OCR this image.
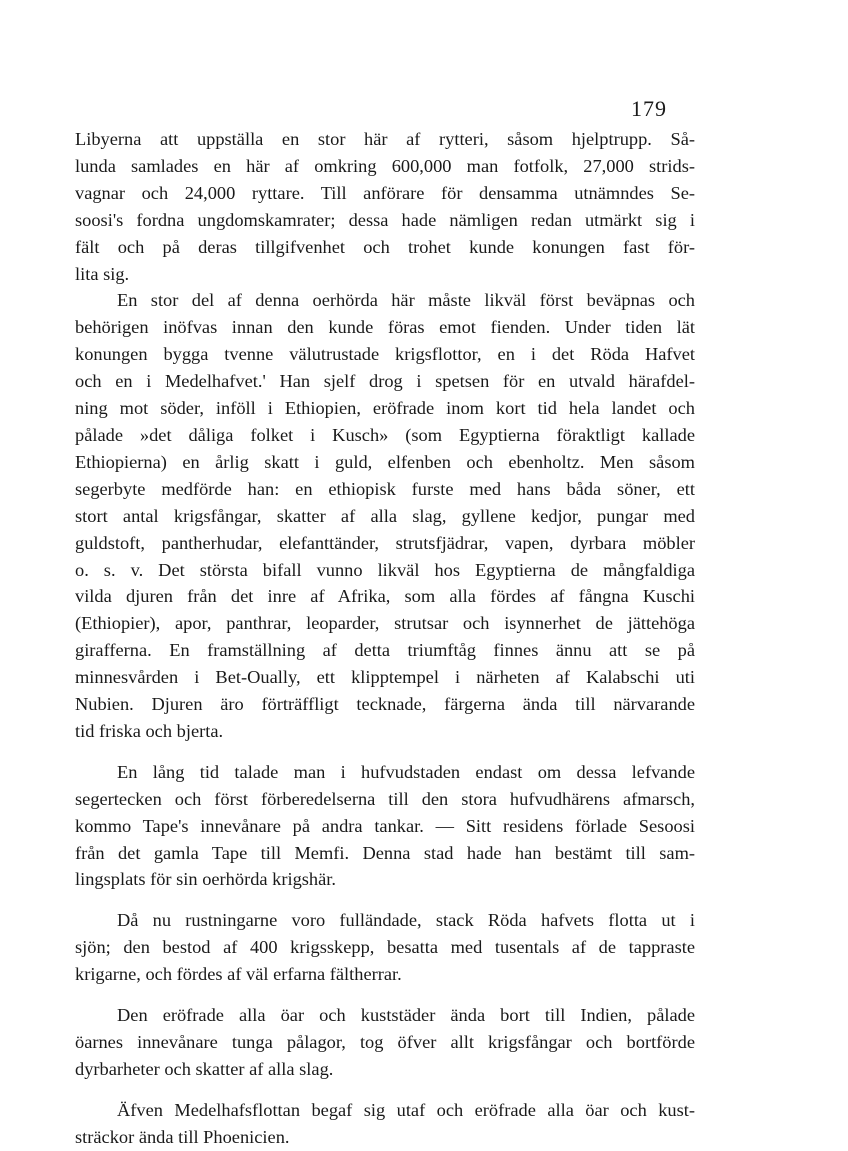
179
Libyerna att uppställa en stor här af rytteri, såsom hjelptrupp. Så-
lunda samlades en här af omkring 600,000 man fotfolk, 27,000 strids-
vagnar och 24,000 ryttare. Till anförare för densamma utnämndes Se-
soosi's fordna ungdomskamrater; dessa hade nämligen redan utmärkt sig i
fält och på deras tillgifvenhet och trohet kunde konungen fast för-
lita sig.
En stor del af denna oerhörda här måste likväl först beväpnas och
behörigen inöfvas innan den kunde föras emot fienden. Under tiden lät
konungen bygga tvenne välutrustade krigsflottor, en i det Röda Hafvet
och en i Medelhafvet.' Han sjelf drog i spetsen för en utvald härafdel-
ning mot söder, inföll i Ethiopien, eröfrade inom kort tid hela landet och
pålade »det dåliga folket i Kusch» (som Egyptierna föraktligt kallade
Ethiopierna) en årlig skatt i guld, elfenben och ebenholtz. Men såsom
segerbyte medförde han: en ethiopisk furste med hans båda söner, ett
stort antal krigsfångar, skatter af alla slag, gyllene kedjor, pungar med
guldstoft, pantherhudar, elefanttänder, strutsfjädrar, vapen, dyrbara möbler
o. s. v. Det största bifall vunno likväl hos Egyptierna de mångfaldiga
vilda djuren från det inre af Afrika, som alla fördes af fångna Kuschi
(Ethiopier), apor, panthrar, leoparder, strutsar och isynnerhet de jättehöga
girafferna. En framställning af detta triumftåg finnes ännu att se på
minnesvården i Bet-Oually, ett klipptempel i närheten af Kalabschi uti
Nubien. Djuren äro förträffligt tecknade, färgerna ända till närvarande
tid friska och bjerta.
En lång tid talade man i hufvudstaden endast om dessa lefvande
segertecken och först förberedelserna till den stora hufvudhärens afmarsch,
kommo Tape's innevånare på andra tankar. — Sitt residens förlade Sesoosi
från det gamla Tape till Memfi. Denna stad hade han bestämt till sam-
lingsplats för sin oerhörda krigshär.
Då nu rustningarne voro fulländade, stack Röda hafvets flotta ut i
sjön; den bestod af 400 krigsskepp, besatta med tusentals af de tappraste
krigarne, och fördes af väl erfarna fältherrar.
Den eröfrade alla öar och kuststäder ända bort till Indien, pålade
öarnes innevånare tunga pålagor, tog öfver allt krigsfångar och bortförde
dyrbarheter och skatter af alla slag.
Äfven Medelhafsflottan begaf sig utaf och eröfrade alla öar och kust-
sträckor ända till Phoenicien.
